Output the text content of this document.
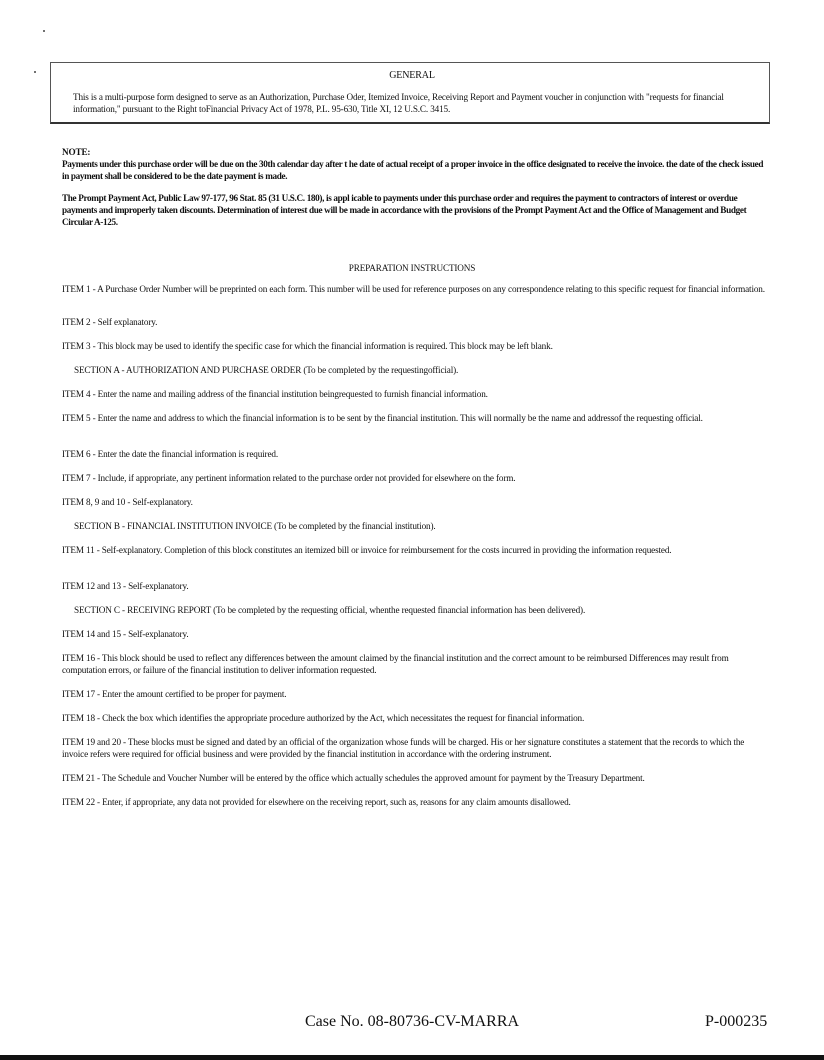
GENERAL
This is a multi-purpose form designed to serve as an Authorization, Purchase Oder, Itemized Invoice, Receiving Report and Payment voucher in conjunction with "requests for financial information," pursuant to the Right toFinancial Privacy Act of 1978, P.L. 95-630, Title XI, 12 U.S.C. 3415.
NOTE:
Payments under this purchase order will be due on the 30th calendar day after t he date of actual receipt of a proper invoice in the office designated to receive the invoice. the date of the check issued in payment shall be considered to be the date payment is made.
The Prompt Payment Act, Public Law 97-177, 96 Stat. 85 (31 U.S.C. 180), is appl icable to payments under this purchase order and requires the payment to contractors of interest or overdue payments and improperly taken discounts. Determination of interest due will be made in accordance with the provisions of the Prompt Payment Act and the Office of Management and Budget Circular A-125.
PREPARATION INSTRUCTIONS
ITEM 1 - A Purchase Order Number will be preprinted on each form. This number will be used for reference purposes on any correspondence relating to this specific request for financial information.
ITEM 2 - Self explanatory.
ITEM 3 - This block may be used to identify the specific case for which the financial information is required. This block may be left blank.
SECTION A - AUTHORIZATION AND PURCHASE ORDER (To be completed by the requestingofficial).
ITEM 4 - Enter the name and mailing address of the financial institution beingrequested to furnish financial information.
ITEM 5 - Enter the name and address to which the financial information is to be sent by the financial institution. This will normally be the name and addressof the requesting official.
ITEM 6 - Enter the date the financial information is required.
ITEM 7 - Include, if appropriate, any pertinent information related to the purchase order not provided for elsewhere on the form.
ITEM 8, 9 and 10 - Self-explanatory.
SECTION B - FINANCIAL INSTITUTION INVOICE (To be completed by the financial institution).
ITEM 11 - Self-explanatory. Completion of this block constitutes an itemized bill or invoice for reimbursement for the costs incurred in providing the information requested.
ITEM 12 and 13 - Self-explanatory.
SECTION C - RECEIVING REPORT (To be completed by the requesting official, whenthe requested financial information has been delivered).
ITEM 14 and 15 - Self-explanatory.
ITEM 16 - This block should be used to reflect any differences between the amount claimed by the financial institution and the correct amount to be reimbursed Differences may result from computation errors, or failure of the financial institution to deliver information requested.
ITEM 17 - Enter the amount certified to be proper for payment.
ITEM 18 - Check the box which identifies the appropriate procedure authorized by the Act, which necessitates the request for financial information.
ITEM 19 and 20 - These blocks must be signed and dated by an official of the organization whose funds will be charged. His or her signature constitutes a statement that the records to which the invoice refers were required for official business and were provided by the financial institution in accordance with the ordering instrument.
ITEM 21 - The Schedule and Voucher Number will be entered by the office which actually schedules the approved amount for payment by the Treasury Department.
ITEM 22 - Enter, if appropriate, any data not provided for elsewhere on the receiving report, such as, reasons for any claim amounts disallowed.
Case No. 08-80736-CV-MARRA	P-000235
